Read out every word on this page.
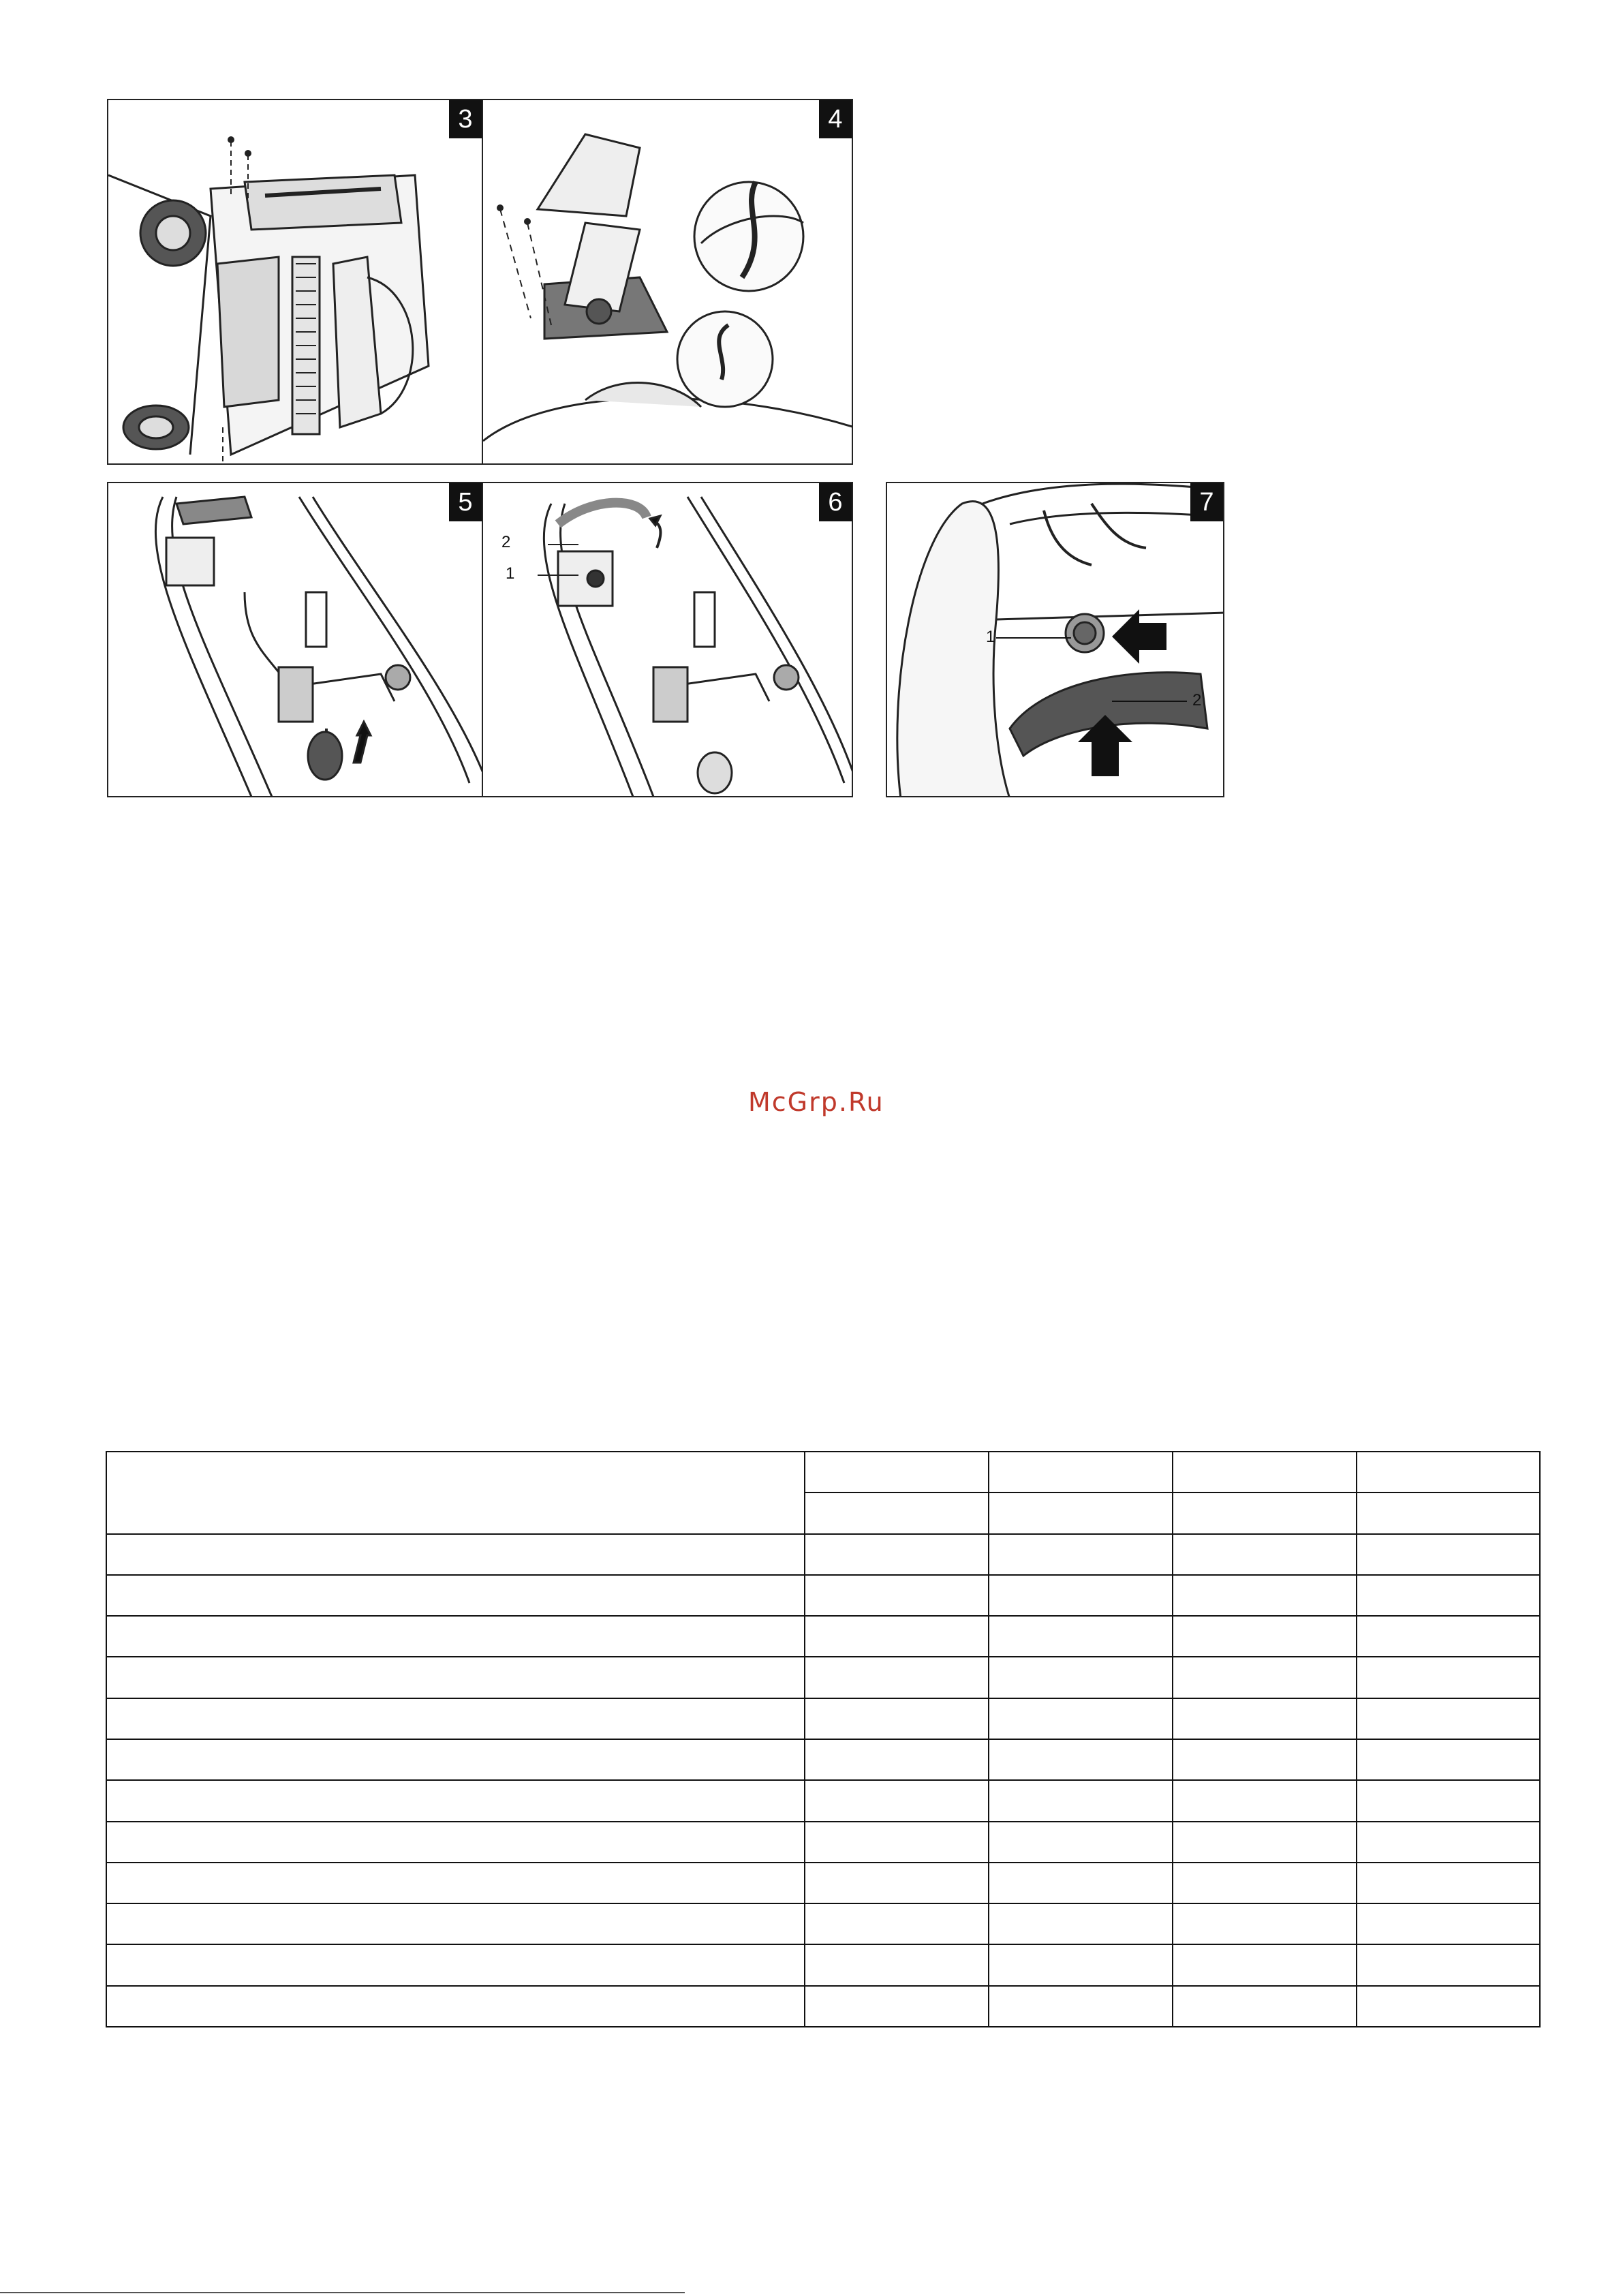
3	4
5
2
1
6
1
2
7
McGrp.Ru
